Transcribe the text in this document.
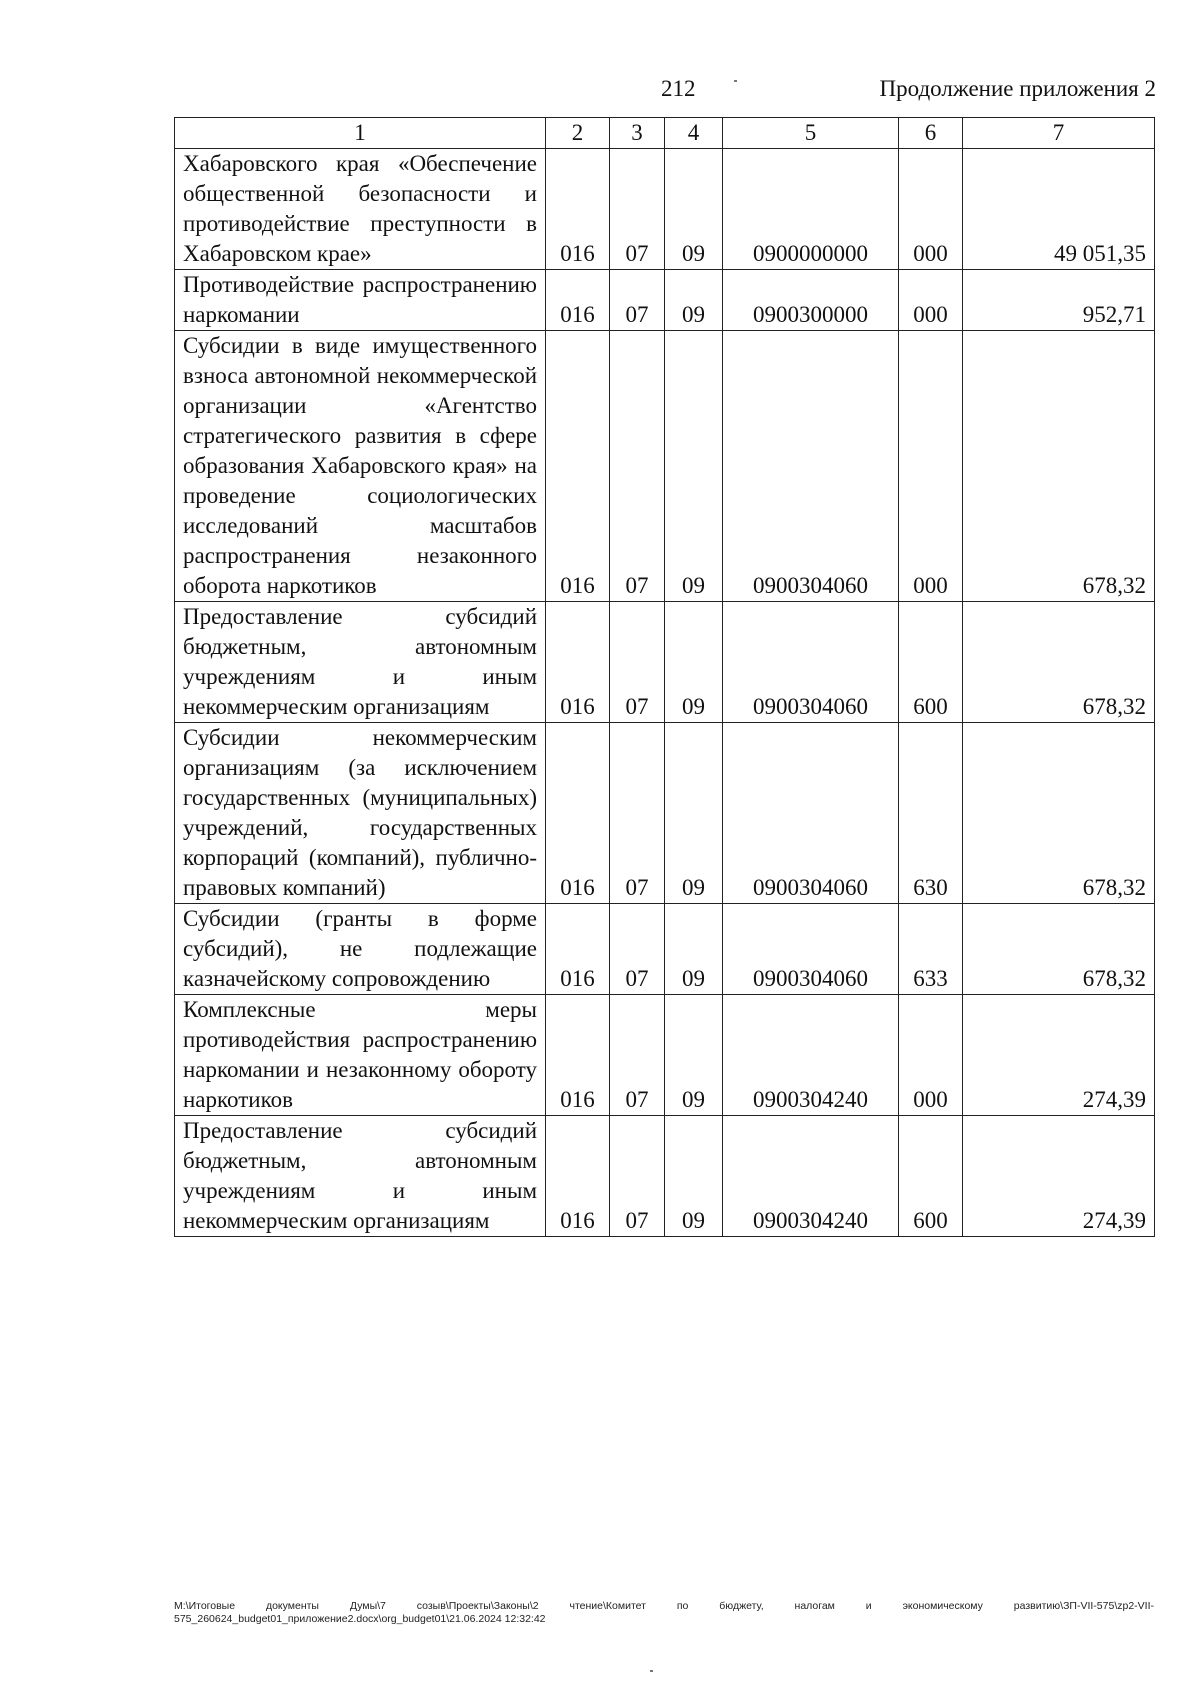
212	Продолжение приложения 2
1	2	3	4	5	6	7
Хабаровского края «Обеспечение общественной безопасности и противодействие преступности в Хабаровском крае»	016	07	09	0900000000	000	49 051,35
Противодействие распространению наркомании	016	07	09	0900300000	000	952,71
Субсидии в виде имущественного взноса автономной некоммерческой организации «Агентство стратегического развития в сфере образования Хабаровского края» на проведение социологических исследований масштабов распространения незаконного оборота наркотиков	016	07	09	0900304060	000	678,32
Предоставление субсидий бюджетным, автономным учреждениям и иным некоммерческим организациям	016	07	09	0900304060	600	678,32
Субсидии некоммерческим организациям (за исключением государственных (муниципальных) учреждений, государственных корпораций (компаний), публично-правовых компаний)	016	07	09	0900304060	630	678,32
Субсидии (гранты в форме субсидий), не подлежащие казначейскому сопровождению	016	07	09	0900304060	633	678,32
Комплексные меры противодействия распространению наркомании и незаконному обороту наркотиков	016	07	09	0900304240	000	274,39
Предоставление субсидий бюджетным, автономным учреждениям и иным некоммерческим организациям	016	07	09	0900304240	600	274,39
M:\Итоговые документы Думы\7 созыв\Проекты\Законы\2 чтение\Комитет по бюджету, налогам и экономическому развитию\ЗП-VII-575\zp2-VII-575_260624_budget01_приложение2.docx\org_budget01\21.06.2024 12:32:42
